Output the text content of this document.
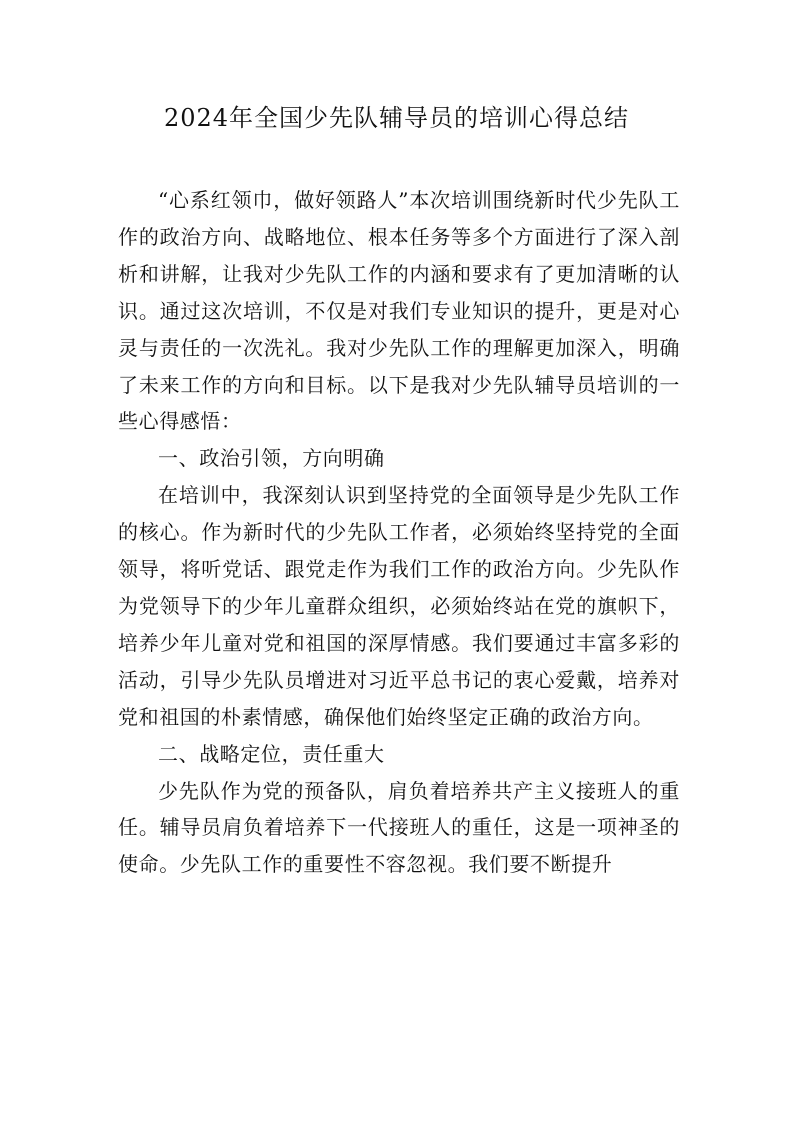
2024年全国少先队辅导员的培训心得总结

“心系红领巾，做好领路人”本次培训围绕新时代少先队工作的政治方向、战略地位、根本任务等多个方面进行了深入剖析和讲解，让我对少先队工作的内涵和要求有了更加清晰的认识。通过这次培训，不仅是对我们专业知识的提升，更是对心灵与责任的一次洗礼。我对少先队工作的理解更加深入，明确了未来工作的方向和目标。以下是我对少先队辅导员培训的一些心得感悟：

一、政治引领，方向明确

在培训中，我深刻认识到坚持党的全面领导是少先队工作的核心。作为新时代的少先队工作者，必须始终坚持党的全面领导，将听党话、跟党走作为我们工作的政治方向。少先队作为党领导下的少年儿童群众组织，必须始终站在党的旗帜下，培养少年儿童对党和祖国的深厚情感。我们要通过丰富多彩的活动，引导少先队员增进对习近平总书记的衷心爱戴，培养对党和祖国的朴素情感，确保他们始终坚定正确的政治方向。

二、战略定位，责任重大

少先队作为党的预备队，肩负着培养共产主义接班人的重任。辅导员肩负着培养下一代接班人的重任，这是一项神圣的使命。少先队工作的重要性不容忽视。我们要不断提升
